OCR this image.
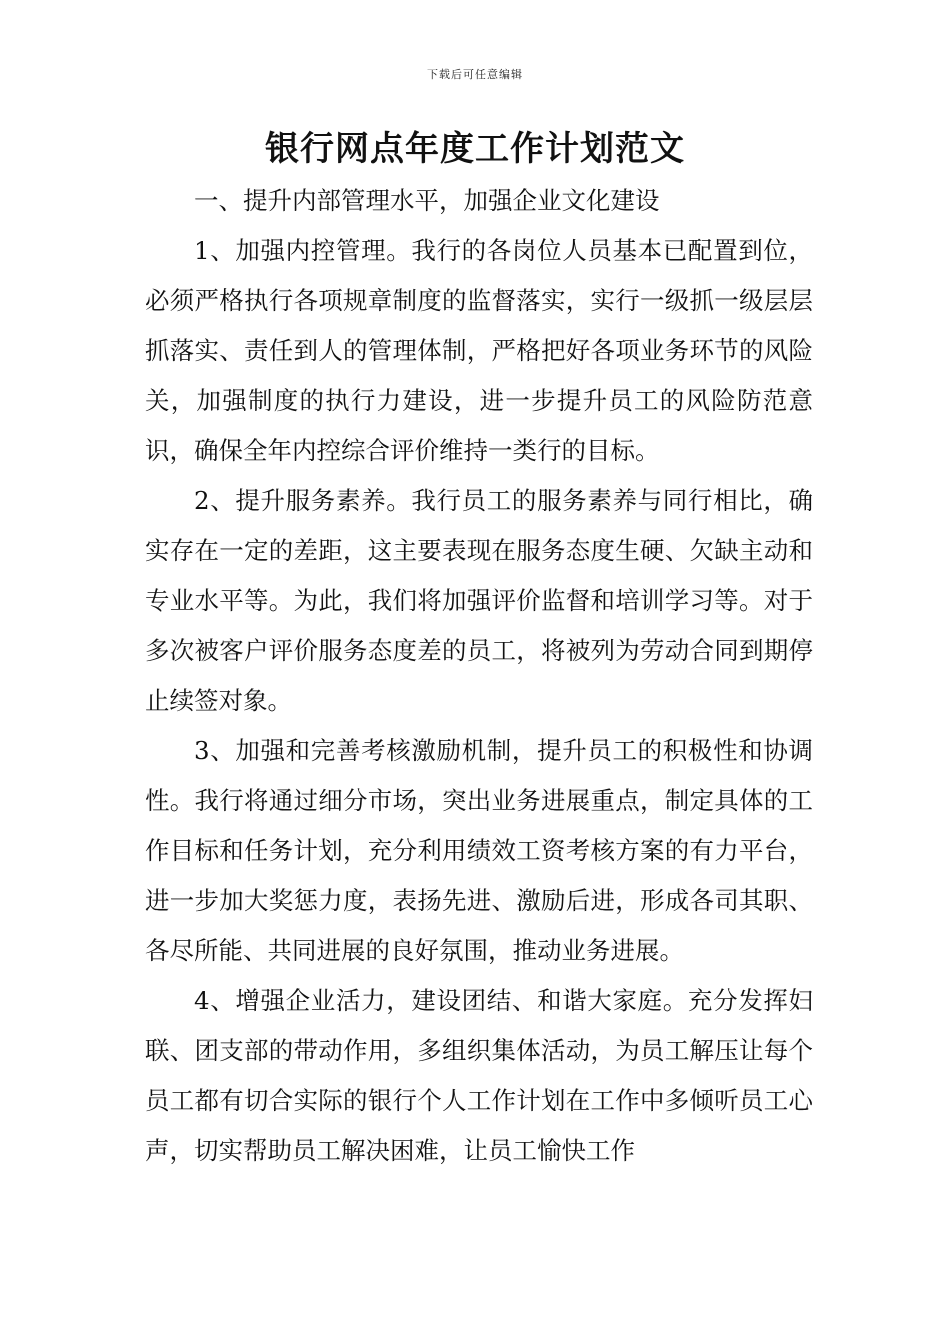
下载后可任意编辑
银行网点年度工作计划范文

一、提升内部管理水平，加强企业文化建设

1、加强内控管理。我行的各岗位人员基本已配置到位，必须严格执行各项规章制度的监督落实，实行一级抓一级层层抓落实、责任到人的管理体制，严格把好各项业务环节的风险关，加强制度的执行力建设，进一步提升员工的风险防范意识，确保全年内控综合评价维持一类行的目标。

2、提升服务素养。我行员工的服务素养与同行相比，确实存在一定的差距，这主要表现在服务态度生硬、欠缺主动和专业水平等。为此，我们将加强评价监督和培训学习等。对于多次被客户评价服务态度差的员工，将被列为劳动合同到期停止续签对象。

3、加强和完善考核激励机制，提升员工的积极性和协调性。我行将通过细分市场，突出业务进展重点，制定具体的工作目标和任务计划，充分利用绩效工资考核方案的有力平台，进一步加大奖惩力度，表扬先进、激励后进，形成各司其职、各尽所能、共同进展的良好氛围，推动业务进展。

4、增强企业活力，建设团结、和谐大家庭。充分发挥妇联、团支部的带动作用，多组织集体活动，为员工解压让每个员工都有切合实际的银行个人工作计划在工作中多倾听员工心声，切实帮助员工解决困难，让员工愉快工作
